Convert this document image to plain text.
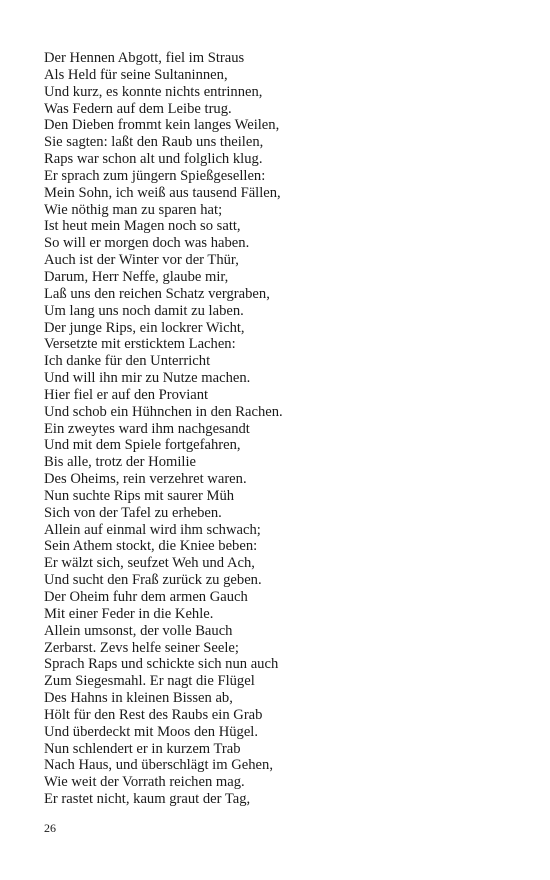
Der Hennen Abgott, fiel im Straus
Als Held für seine Sultaninnen,
Und kurz, es konnte nichts entrinnen,
Was Federn auf dem Leibe trug.
Den Dieben frommt kein langes Weilen,
Sie sagten: laßt den Raub uns theilen,
Raps war schon alt und folglich klug.
Er sprach zum jüngern Spießgesellen:
Mein Sohn, ich weiß aus tausend Fällen,
Wie nöthig man zu sparen hat;
Ist heut mein Magen noch so satt,
So will er morgen doch was haben.
Auch ist der Winter vor der Thür,
Darum, Herr Neffe, glaube mir,
Laß uns den reichen Schatz vergraben,
Um lang uns noch damit zu laben.
Der junge Rips, ein lockrer Wicht,
Versetzte mit ersticktem Lachen:
Ich danke für den Unterricht
Und will ihn mir zu Nutze machen.
Hier fiel er auf den Proviant
Und schob ein Hühnchen in den Rachen.
Ein zweytes ward ihm nachgesandt
Und mit dem Spiele fortgefahren,
Bis alle, trotz der Homilie
Des Oheims, rein verzehret waren.
Nun suchte Rips mit saurer Müh
Sich von der Tafel zu erheben.
Allein auf einmal wird ihm schwach;
Sein Athem stockt, die Kniee beben:
Er wälzt sich, seufzet Weh und Ach,
Und sucht den Fraß zurück zu geben.
Der Oheim fuhr dem armen Gauch
Mit einer Feder in die Kehle.
Allein umsonst, der volle Bauch
Zerbarst. Zevs helfe seiner Seele;
Sprach Raps und schickte sich nun auch
Zum Siegesmahl. Er nagt die Flügel
Des Hahns in kleinen Bissen ab,
Hölt für den Rest des Raubs ein Grab
Und überdeckt mit Moos den Hügel.
Nun schlendert er in kurzem Trab
Nach Haus, und überschlägt im Gehen,
Wie weit der Vorrath reichen mag.
Er rastet nicht, kaum graut der Tag,
26
